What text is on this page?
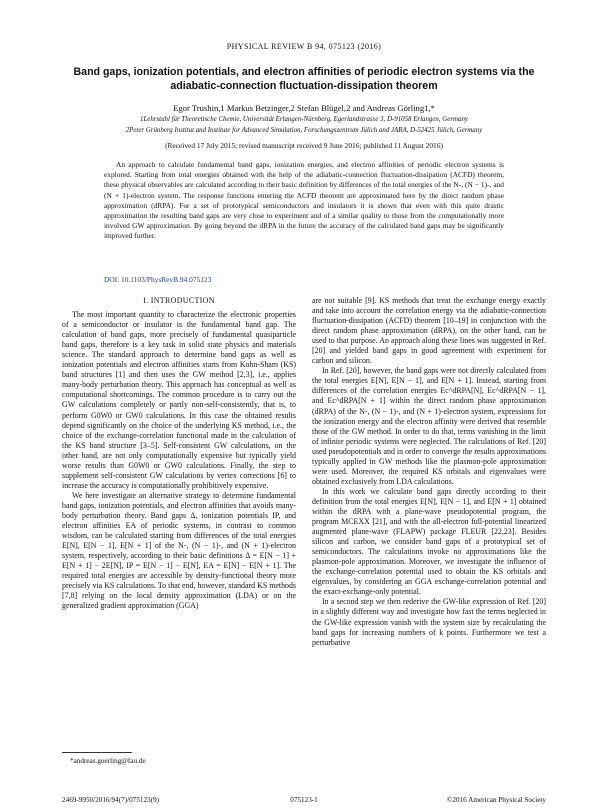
PHYSICAL REVIEW B 94, 075123 (2016)
Band gaps, ionization potentials, and electron affinities of periodic electron systems via the adiabatic-connection fluctuation-dissipation theorem
Egor Trushin,1 Markus Betzinger,2 Stefan Blügel,2 and Andreas Görling1,*
1Lehrstuhl für Theoretische Chemie, Universität Erlangen-Nürnberg, Egerlandstrasse 3, D-91058 Erlangen, Germany
2Peter Grünberg Institut and Institute for Advanced Simulation, Forschungszentrum Jülich and JARA, D-52425 Jülich, Germany
(Received 17 July 2015; revised manuscript received 9 June 2016; published 11 August 2016)
An approach to calculate fundamental band gaps, ionization energies, and electron affinities of periodic electron systems is explored. Starting from total energies obtained with the help of the adiabatic-connection fluctuation-dissipation (ACFD) theorem, these physical observables are calculated according to their basic definition by differences of the total energies of the N-, (N − 1)-, and (N + 1)-electron system. The response functions entering the ACFD theorem are approximated here by the direct random phase approximation (dRPA). For a set of prototypical semiconductors and insulators it is shown that even with this quite drastic approximation the resulting band gaps are very close to experiment and of a similar quality to those from the computationally more involved GW approximation. By going beyond the dRPA in the future the accuracy of the calculated band gaps may be significantly improved further.
DOI: 10.1103/PhysRevB.94.075123
I. INTRODUCTION

The most important quantity to characterize the electronic properties of a semiconductor or insulator is the fundamental band gap. The calculation of band gaps, more precisely of fundamental quasiparticle band gaps, therefore is a key task in solid state physics and materials science. The standard approach to determine band gaps as well as ionization potentials and electron affinities starts from Kohn-Sham (KS) band structures [1] and then uses the GW method [2,3], i.e., applies many-body perturbation theory. This approach has conceptual as well as computational shortcomings. The common procedure is to carry out the GW calculations completely or partly non-self-consistently, that is, to perform G0W0 or GW0 calculations. In this case the obtained results depend significantly on the choice of the underlying KS method, i.e., the choice of the exchange-correlation functional made in the calculation of the KS band structure [3–5]. Self-consistent GW calculations, on the other hand, are not only computationally expensive but typically yield worse results than G0W0 or GW0 calculations. Finally, the step to supplement self-consistent GW calculations by vertex corrections [6] to increase the accuracy is computationally prohibitively expensive.

We here investigate an alternative strategy to determine fundamental band gaps, ionization potentials, and electron affinities that avoids many-body perturbation theory. Band gaps Δ, ionization potentials IP, and electron affinities EA of periodic systems, in contrast to common wisdom, can be calculated starting from differences of the total energies E[N], E[N − 1], E[N + 1] of the N-, (N − 1)-, and (N + 1)-electron system, respectively, according to their basic definitions Δ = E[N − 1] + E[N + 1] − 2E[N], IP = E[N − 1] − E[N], EA = E[N] − E[N + 1]. The required total energies are accessible by density-functional theory more precisely via KS calculations. To that end, however, standard KS methods [7,8] relying on the local density approximation (LDA) or on the generalized gradient approximation (GGA)

are not suitable [9]. KS methods that treat the exchange energy exactly and take into account the correlation energy via the adiabatic-connection fluctuation-dissipation (ACFD) theorem [10–19] in conjunction with the direct random phase approximation (dRPA), on the other hand, can be used to that purpose. An approach along these lines was suggested in Ref. [20] and yielded band gaps in good agreement with experiment for carbon and silicon.

In Ref. [20], however, the band gaps were not directly calculated from the total energies E[N], E[N − 1], and E[N + 1]. Instead, starting from differences of the correlation energies Ec^dRPA[N], Ec^dRPA[N − 1], and Ec^dRPA[N + 1] within the direct random phase approximation (dRPA) of the N-, (N − 1)-, and (N + 1)-electron system, expressions for the ionization energy and the electron affinity were derived that resemble those of the GW method. In order to do that, terms vanishing in the limit of infinite periodic systems were neglected. The calculations of Ref. [20] used pseudopotentials and in order to converge the results approximations typically applied in GW methods like the plasmon-pole approximation were used. Moreover, the required KS orbitals and eigenvalues were obtained exclusively from LDA calculations.

In this work we calculate band gaps directly according to their definition from the total energies E[N], E[N − 1], and E[N + 1] obtained within the dRPA with a plane-wave pseudopotential program, the program MCEXX [21], and with the all-electron full-potential linearized augmented plane-wave (FLAPW) package FLEUR [22,23]. Besides silicon and carbon, we consider band gaps of a prototypical set of semiconductors. The calculations invoke no approximations like the plasmon-pole approximation. Moreover, we investigate the influence of the exchange-correlation potential used to obtain the KS orbitals and eigenvalues, by considering an GGA exchange-correlation potential and the exact-exchange-only potential.

In a second step we then rederive the GW-like expression of Ref. [20] in a slightly different way and investigate how fast the terms neglected in the GW-like expression vanish with the system size by recalculating the band gaps for increasing numbers of k points. Furthermore we test a perturbative

*andreas.goerling@fau.de
2469-9950/2016/94(7)/075123(9)	075123-1	©2016 American Physical Society
